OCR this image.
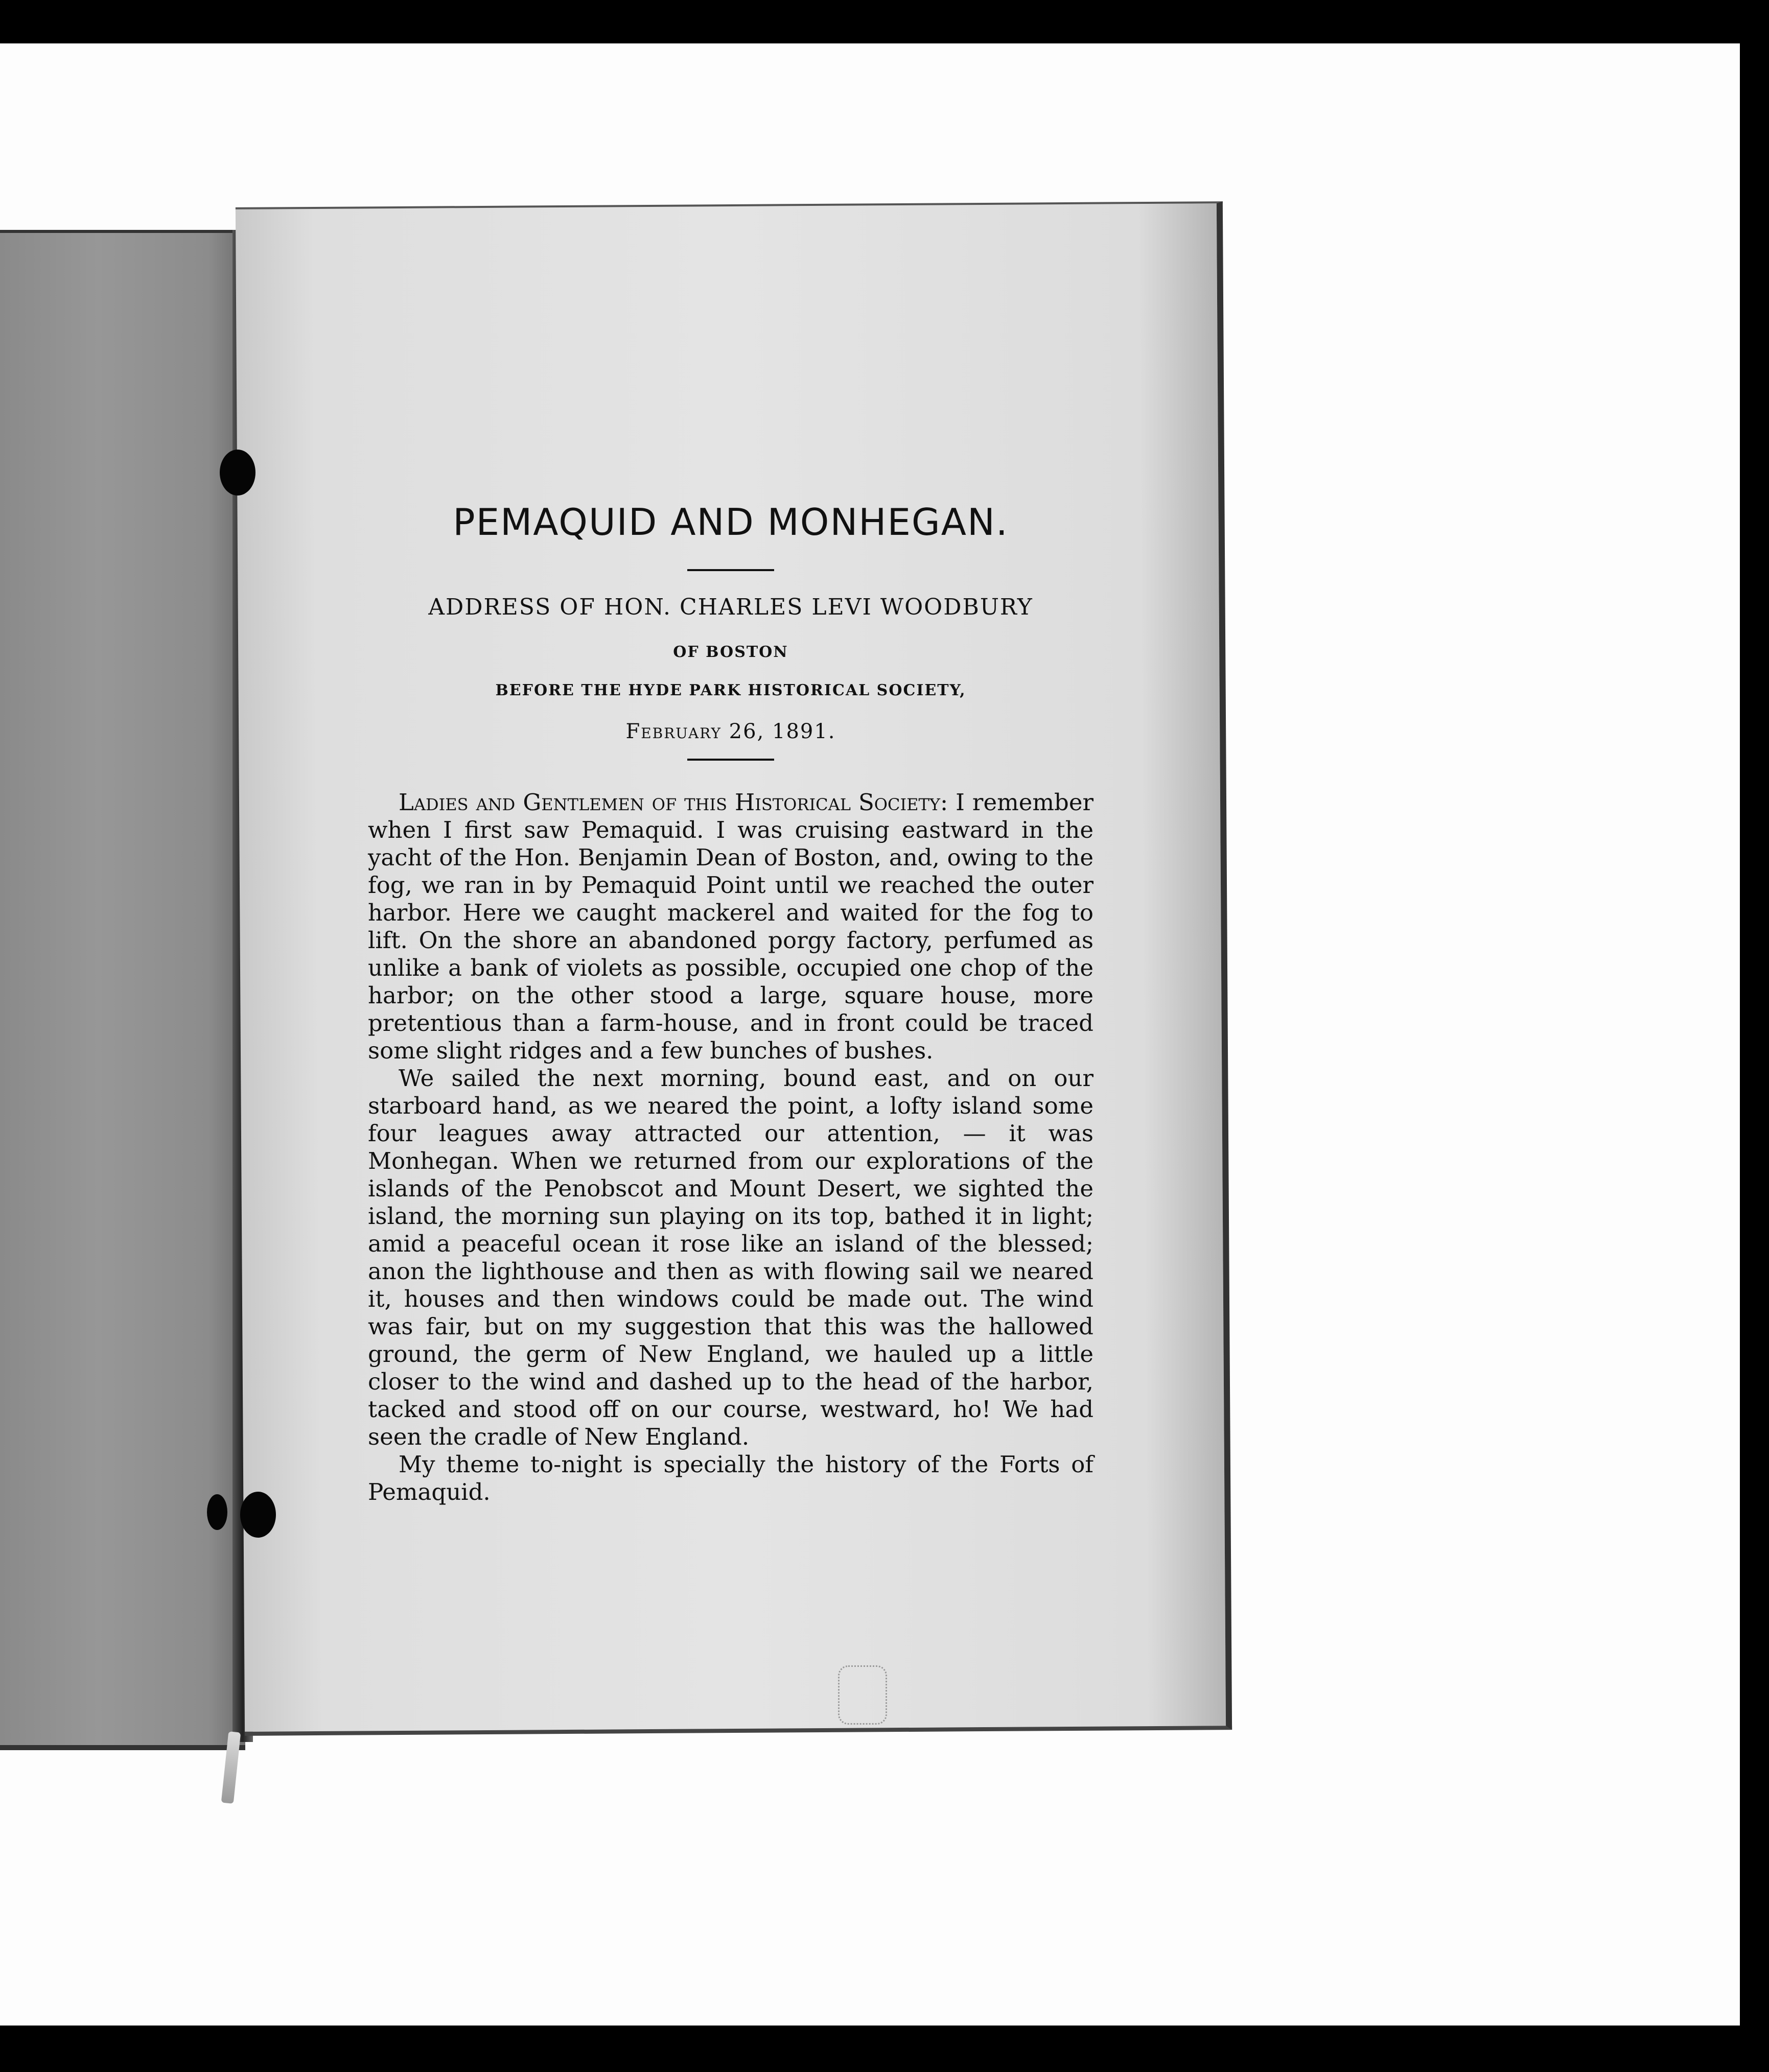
PEMAQUID AND MONHEGAN.

ADDRESS OF HON. CHARLES LEVI WOODBURY

OF BOSTON

BEFORE THE HYDE PARK HISTORICAL SOCIETY,

February 26, 1891.

Ladies and Gentlemen of this Historical Society: I remember when I first saw Pemaquid. I was cruising eastward in the yacht of the Hon. Benjamin Dean of Boston, and, owing to the fog, we ran in by Pemaquid Point until we reached the outer harbor. Here we caught mackerel and waited for the fog to lift. On the shore an abandoned porgy factory, perfumed as unlike a bank of violets as possible, occupied one chop of the harbor; on the other stood a large, square house, more pretentious than a farm-house, and in front could be traced some slight ridges and a few bunches of bushes.

We sailed the next morning, bound east, and on our starboard hand, as we neared the point, a lofty island some four leagues away attracted our attention, — it was Monhegan. When we returned from our explorations of the islands of the Penobscot and Mount Desert, we sighted the island, the morning sun playing on its top, bathed it in light; amid a peaceful ocean it rose like an island of the blessed; anon the lighthouse and then as with flowing sail we neared it, houses and then windows could be made out. The wind was fair, but on my suggestion that this was the hallowed ground, the germ of New England, we hauled up a little closer to the wind and dashed up to the head of the harbor, tacked and stood off on our course, westward, ho! We had seen the cradle of New England.

My theme to-night is specially the history of the Forts of Pemaquid.
